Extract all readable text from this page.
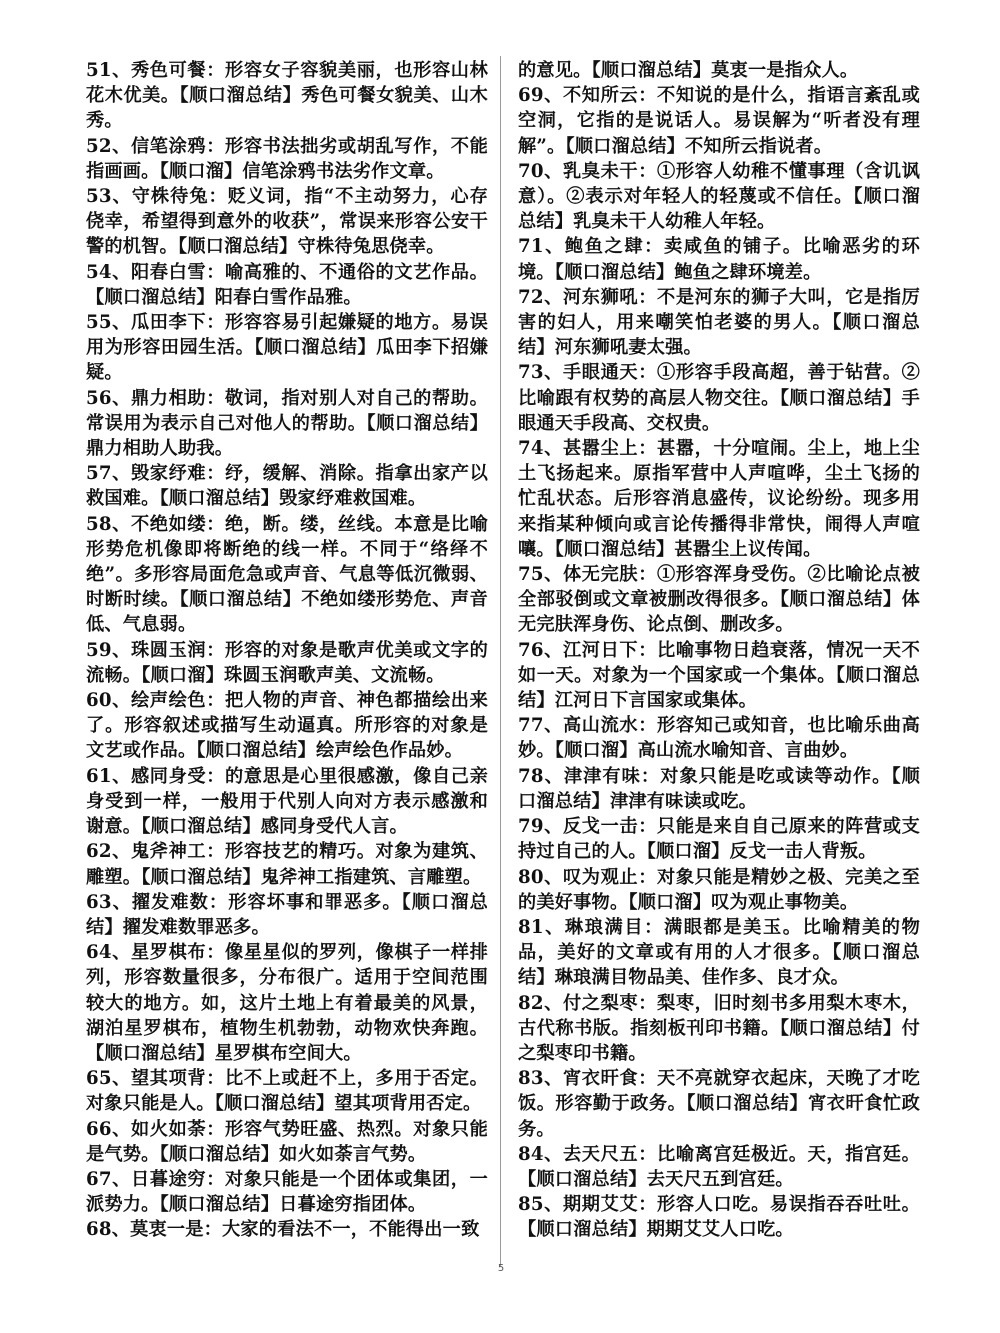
51、秀色可餐：形容女子容貌美丽，也形容山林花木优美。【顺口溜总结】秀色可餐女貌美、山木秀。

52、信笔涂鸦：形容书法拙劣或胡乱写作，不能指画画。【顺口溜】信笔涂鸦书法劣作文章。

53、守株待兔：贬义词，指“不主动努力，心存侥幸，希望得到意外的收获”，常误来形容公安干警的机智。【顺口溜总结】守株待兔思侥幸。

54、阳春白雪：喻高雅的、不通俗的文艺作品。【顺口溜总结】阳春白雪作品雅。

55、瓜田李下：形容容易引起嫌疑的地方。易误用为形容田园生活。【顺口溜总结】瓜田李下招嫌疑。

56、鼎力相助：敬词，指对别人对自己的帮助。常误用为表示自己对他人的帮助。【顺口溜总结】鼎力相助人助我。

57、毁家纾难：纾，缓解、消除。指拿出家产以救国难。【顺口溜总结】毁家纾难救国难。

58、不绝如缕：绝，断。缕，丝线。本意是比喻形势危机像即将断绝的线一样。不同于“络绎不绝”。多形容局面危急或声音、气息等低沉微弱、时断时续。【顺口溜总结】不绝如缕形势危、声音低、气息弱。

59、珠圆玉润：形容的对象是歌声优美或文字的流畅。【顺口溜】珠圆玉润歌声美、文流畅。

60、绘声绘色：把人物的声音、神色都描绘出来了。形容叙述或描写生动逼真。所形容的对象是文艺或作品。【顺口溜总结】绘声绘色作品妙。

61、感同身受：的意思是心里很感激，像自己亲身受到一样，一般用于代别人向对方表示感激和谢意。【顺口溜总结】感同身受代人言。

62、鬼斧神工：形容技艺的精巧。对象为建筑、雕塑。【顺口溜总结】鬼斧神工指建筑、言雕塑。

63、擢发难数：形容坏事和罪恶多。【顺口溜总结】擢发难数罪恶多。

64、星罗棋布：像星星似的罗列，像棋子一样排列，形容数量很多，分布很广。适用于空间范围较大的地方。如，这片土地上有着最美的风景，湖泊星罗棋布，植物生机勃勃，动物欢快奔跑。【顺口溜总结】星罗棋布空间大。

65、望其项背：比不上或赶不上，多用于否定。对象只能是人。【顺口溜总结】望其项背用否定。

66、如火如荼：形容气势旺盛、热烈。对象只能是气势。【顺口溜总结】如火如荼言气势。

67、日暮途穷：对象只能是一个团体或集团，一派势力。【顺口溜总结】日暮途穷指团体。

68、莫衷一是：大家的看法不一，不能得出一致

的意见。【顺口溜总结】莫衷一是指众人。

69、不知所云：不知说的是什么，指语言紊乱或空洞，它指的是说话人。易误解为“听者没有理解”。【顺口溜总结】不知所云指说者。

70、乳臭未干：①形容人幼稚不懂事理（含讥讽意）。②表示对年轻人的轻蔑或不信任。【顺口溜总结】乳臭未干人幼稚人年轻。

71、鲍鱼之肆：卖咸鱼的铺子。比喻恶劣的环境。【顺口溜总结】鲍鱼之肆环境差。

72、河东狮吼：不是河东的狮子大叫，它是指厉害的妇人，用来嘲笑怕老婆的男人。【顺口溜总结】河东狮吼妻太强。

73、手眼通天：①形容手段高超，善于钻营。②比喻跟有权势的高层人物交往。【顺口溜总结】手眼通天手段高、交权贵。

74、甚嚣尘上：甚嚣，十分喧闹。尘上，地上尘土飞扬起来。原指军营中人声喧哗，尘土飞扬的忙乱状态。后形容消息盛传，议论纷纷。现多用来指某种倾向或言论传播得非常快，闹得人声喧嚷。【顺口溜总结】甚嚣尘上议传闻。

75、体无完肤：①形容浑身受伤。②比喻论点被全部驳倒或文章被删改得很多。【顺口溜总结】体无完肤浑身伤、论点倒、删改多。

76、江河日下：比喻事物日趋衰落，情况一天不如一天。对象为一个国家或一个集体。【顺口溜总结】江河日下言国家或集体。

77、高山流水：形容知己或知音，也比喻乐曲高妙。【顺口溜】高山流水喻知音、言曲妙。

78、津津有味：对象只能是吃或读等动作。【顺口溜总结】津津有味读或吃。

79、反戈一击：只能是来自自己原来的阵营或支持过自己的人。【顺口溜】反戈一击人背叛。

80、叹为观止：对象只能是精妙之极、完美之至的美好事物。【顺口溜】叹为观止事物美。

81、琳琅满目：满眼都是美玉。比喻精美的物品，美好的文章或有用的人才很多。【顺口溜总结】琳琅满目物品美、佳作多、良才众。

82、付之梨枣：梨枣，旧时刻书多用梨木枣木，古代称书版。指刻板刊印书籍。【顺口溜总结】付之梨枣印书籍。

83、宵衣旰食：天不亮就穿衣起床，天晚了才吃饭。形容勤于政务。【顺口溜总结】宵衣旰食忙政务。

84、去天尺五：比喻离宫廷极近。天，指宫廷。【顺口溜总结】去天尺五到宫廷。

85、期期艾艾：形容人口吃。易误指吞吞吐吐。【顺口溜总结】期期艾艾人口吃。

5
